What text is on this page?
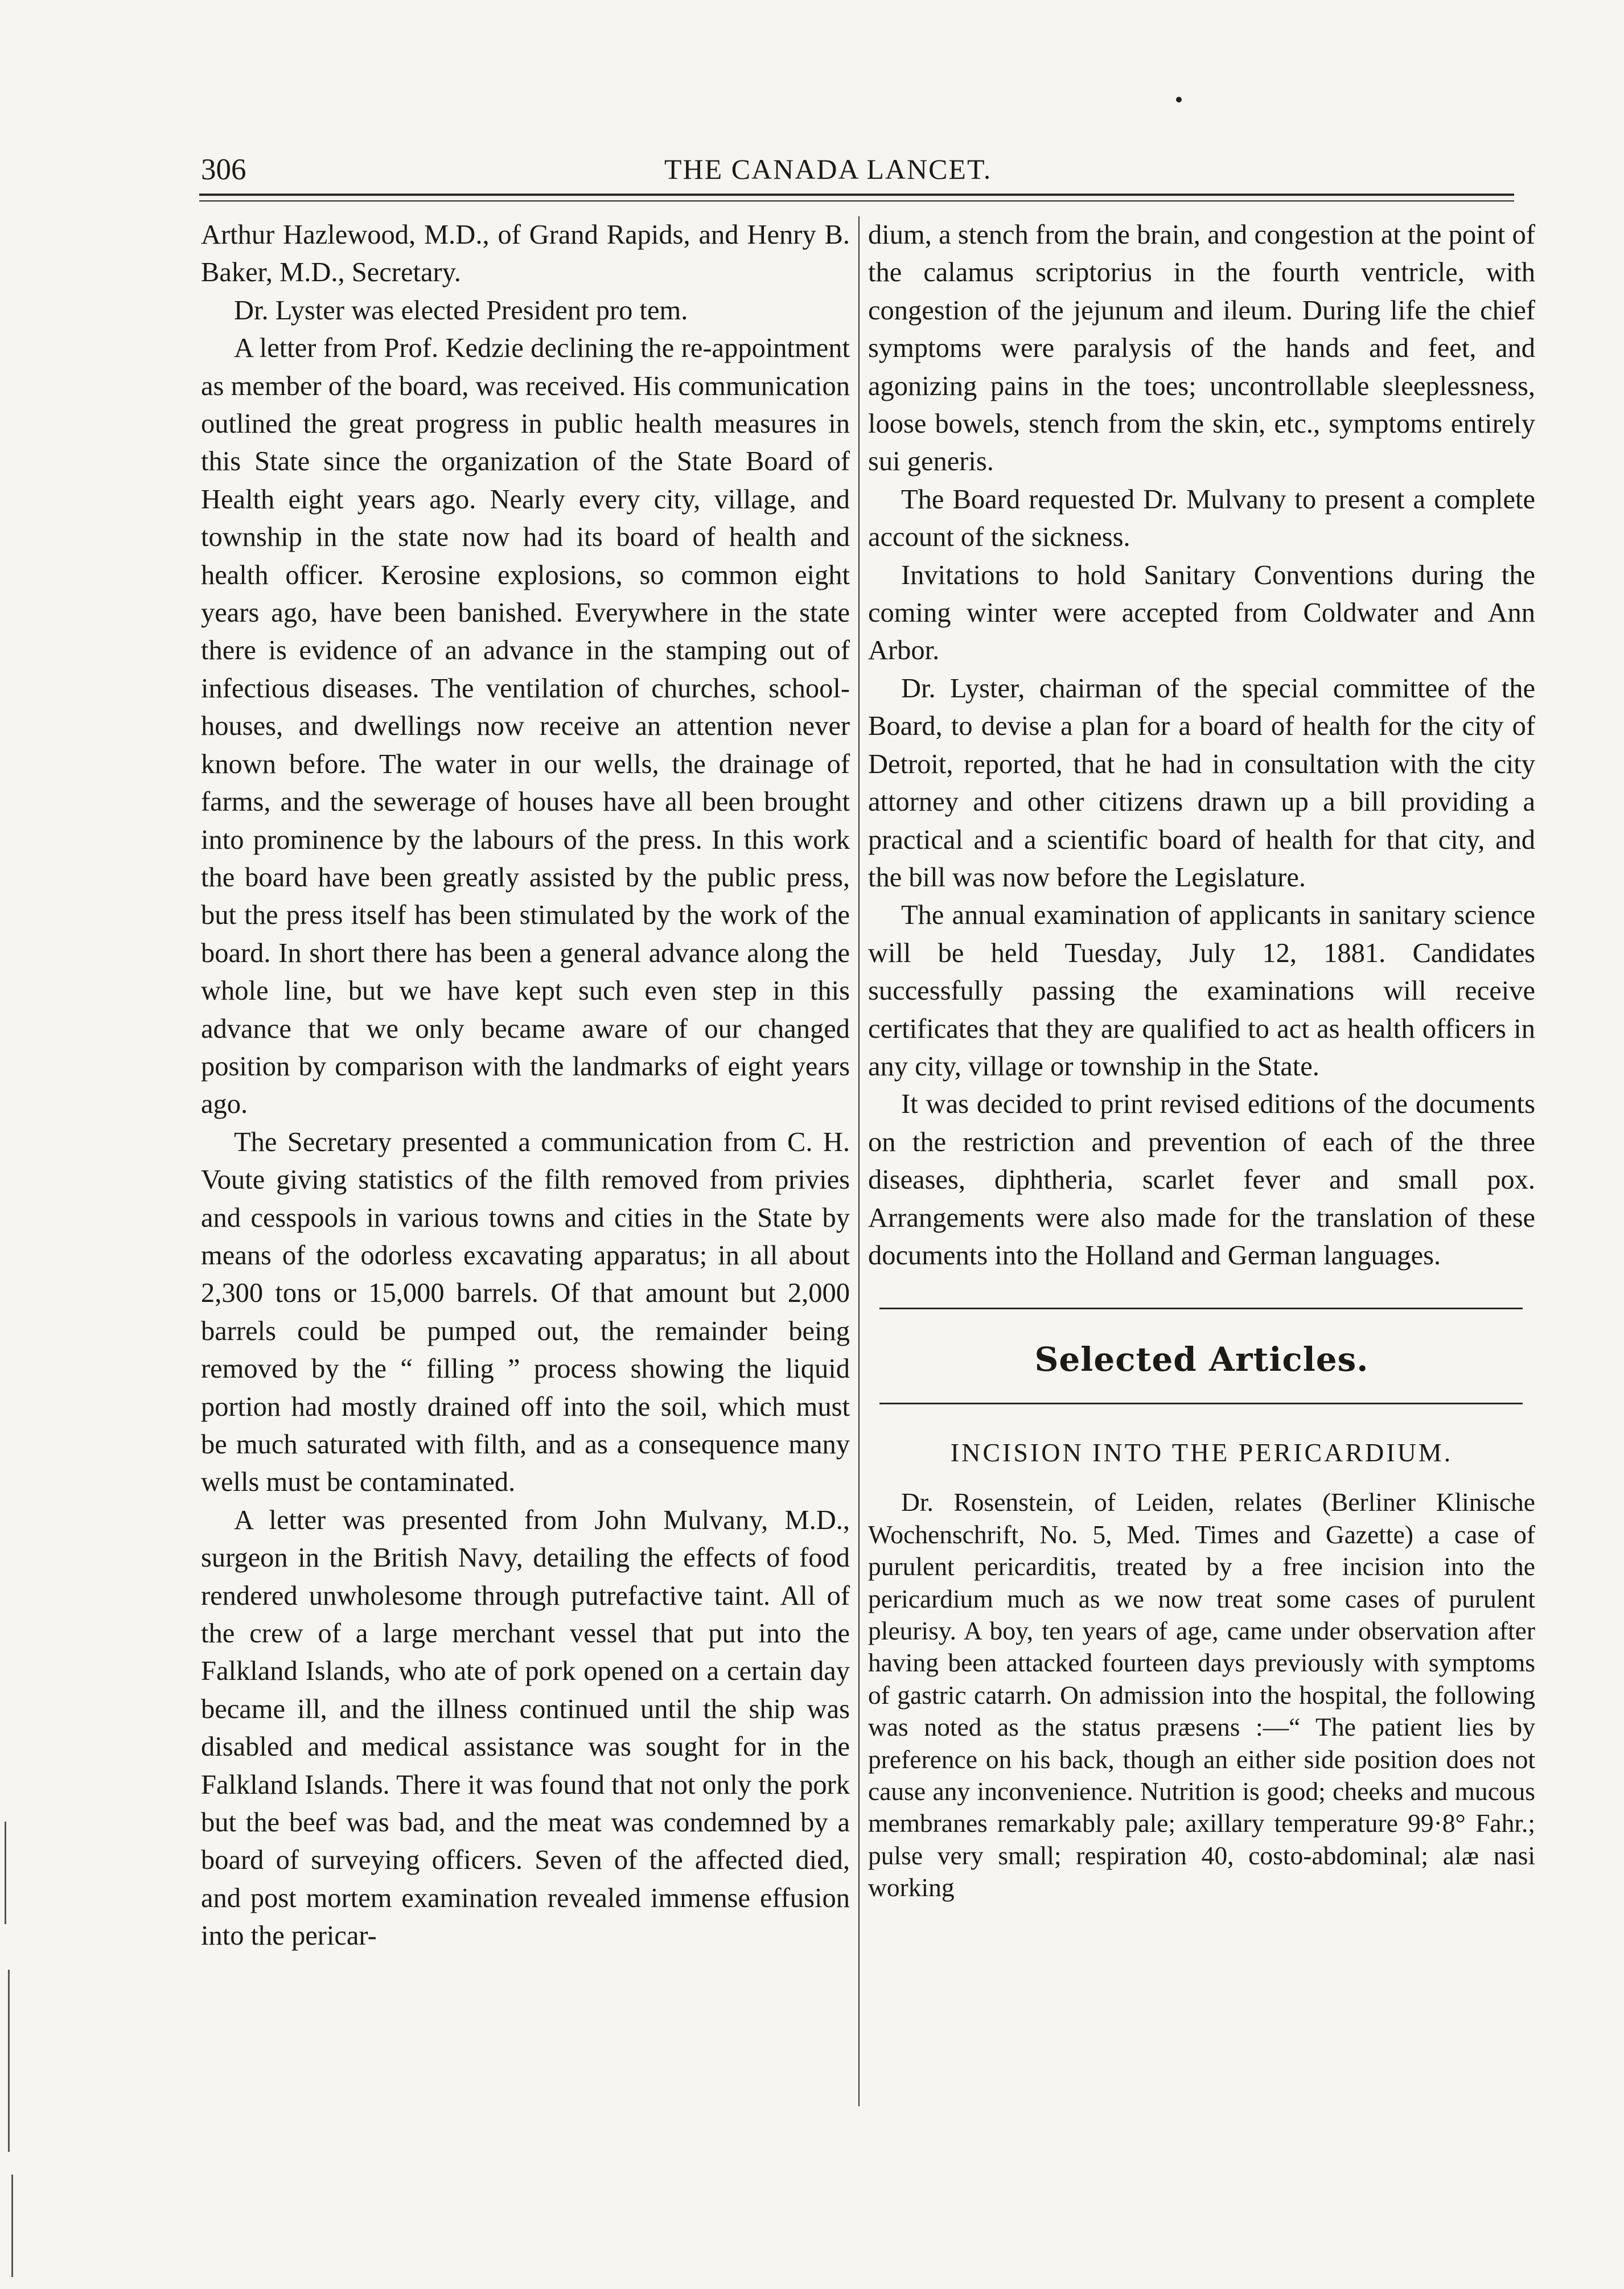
306	THE CANADA LANCET.

Arthur Hazlewood, M.D., of Grand Rapids, and Henry B. Baker, M.D., Secretary.

Dr. Lyster was elected President pro tem.

A letter from Prof. Kedzie declining the re-appointment as member of the board, was received. His communication outlined the great progress in public health measures in this State since the organization of the State Board of Health eight years ago. Nearly every city, village, and township in the state now had its board of health and health officer. Kerosine explosions, so common eight years ago, have been banished. Everywhere in the state there is evidence of an advance in the stamping out of infectious diseases. The ventilation of churches, school-houses, and dwellings now receive an attention never known before. The water in our wells, the drainage of farms, and the sewerage of houses have all been brought into prominence by the labours of the press. In this work the board have been greatly assisted by the public press, but the press itself has been stimulated by the work of the board. In short there has been a general advance along the whole line, but we have kept such even step in this advance that we only became aware of our changed position by comparison with the landmarks of eight years ago.

The Secretary presented a communication from C. H. Voute giving statistics of the filth removed from privies and cesspools in various towns and cities in the State by means of the odorless excavating apparatus; in all about 2,300 tons or 15,000 barrels. Of that amount but 2,000 barrels could be pumped out, the remainder being removed by the “ filling ” process showing the liquid portion had mostly drained off into the soil, which must be much saturated with filth, and as a consequence many wells must be contaminated.

A letter was presented from John Mulvany, M.D., surgeon in the British Navy, detailing the effects of food rendered unwholesome through putrefactive taint. All of the crew of a large merchant vessel that put into the Falkland Islands, who ate of pork opened on a certain day became ill, and the illness continued until the ship was disabled and medical assistance was sought for in the Falkland Islands. There it was found that not only the pork but the beef was bad, and the meat was condemned by a board of surveying officers. Seven of the affected died, and post mortem examination revealed immense effusion into the pericar-

dium, a stench from the brain, and congestion at the point of the calamus scriptorius in the fourth ventricle, with congestion of the jejunum and ileum. During life the chief symptoms were paralysis of the hands and feet, and agonizing pains in the toes; uncontrollable sleeplessness, loose bowels, stench from the skin, etc., symptoms entirely sui generis.

The Board requested Dr. Mulvany to present a complete account of the sickness.

Invitations to hold Sanitary Conventions during the coming winter were accepted from Coldwater and Ann Arbor.

Dr. Lyster, chairman of the special committee of the Board, to devise a plan for a board of health for the city of Detroit, reported, that he had in consultation with the city attorney and other citizens drawn up a bill providing a practical and a scientific board of health for that city, and the bill was now before the Legislature.

The annual examination of applicants in sanitary science will be held Tuesday, July 12, 1881. Candidates successfully passing the examinations will receive certificates that they are qualified to act as health officers in any city, village or township in the State.

It was decided to print revised editions of the documents on the restriction and prevention of each of the three diseases, diphtheria, scarlet fever and small pox. Arrangements were also made for the translation of these documents into the Holland and German languages.

Selected Articles.
INCISION INTO THE PERICARDIUM.

Dr. Rosenstein, of Leiden, relates (Berliner Klinische Wochenschrift, No. 5, Med. Times and Gazette) a case of purulent pericarditis, treated by a free incision into the pericardium much as we now treat some cases of purulent pleurisy. A boy, ten years of age, came under observation after having been attacked fourteen days previously with symptoms of gastric catarrh. On admission into the hospital, the following was noted as the status præsens :—“ The patient lies by preference on his back, though an either side position does not cause any inconvenience. Nutrition is good; cheeks and mucous membranes remarkably pale; axillary temperature 99·8° Fahr.; pulse very small; respiration 40, costo-abdominal; alæ nasi working
